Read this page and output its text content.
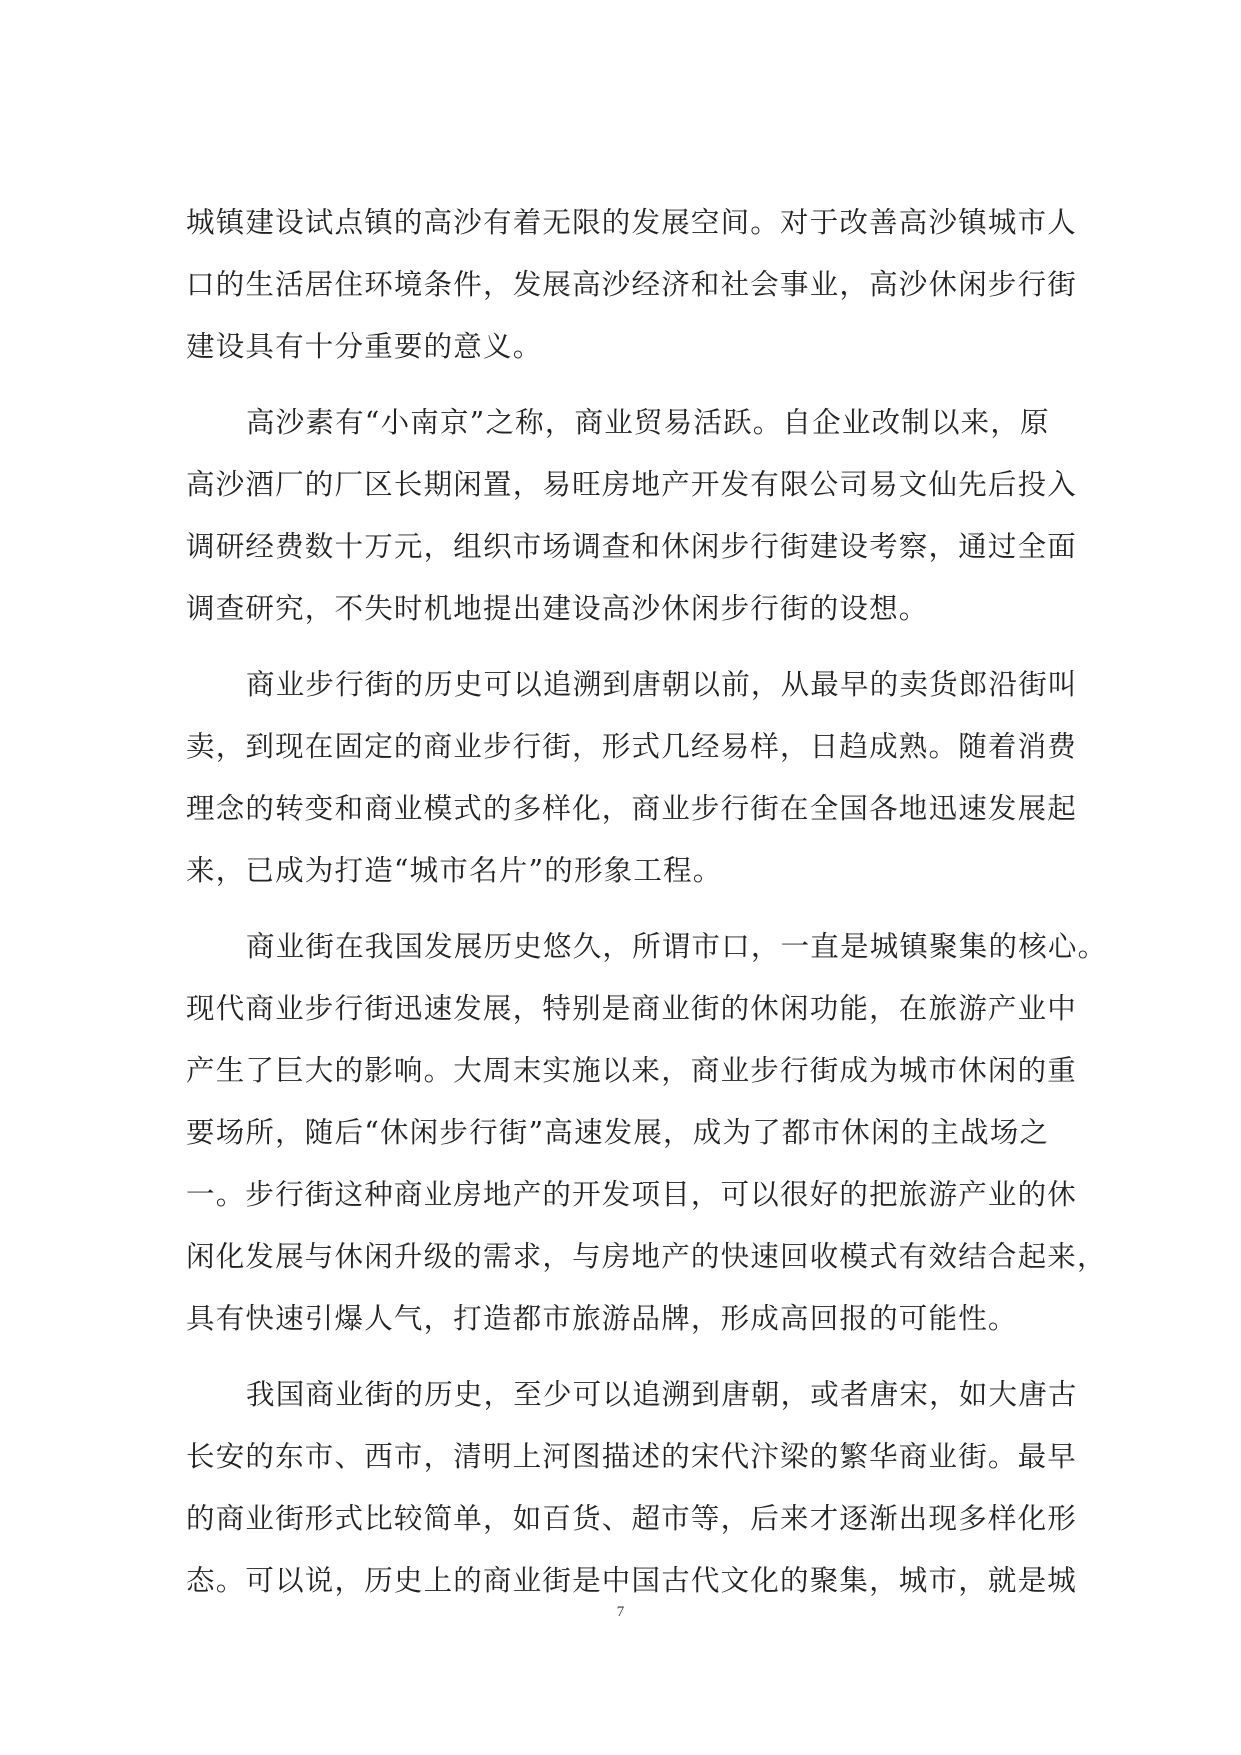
城镇建设试点镇的高沙有着无限的发展空间。对于改善高沙镇城市人
口的生活居住环境条件，发展高沙经济和社会事业，高沙休闲步行街
建设具有十分重要的意义。
高沙素有“小南京”之称，商业贸易活跃。自企业改制以来，原
高沙酒厂的厂区长期闲置，易旺房地产开发有限公司易文仙先后投入
调研经费数十万元，组织市场调查和休闲步行街建设考察，通过全面
调查研究，不失时机地提出建设高沙休闲步行街的设想。
商业步行街的历史可以追溯到唐朝以前，从最早的卖货郎沿街叫
卖，到现在固定的商业步行街，形式几经易样，日趋成熟。随着消费
理念的转变和商业模式的多样化，商业步行街在全国各地迅速发展起
来，已成为打造“城市名片”的形象工程。
商业街在我国发展历史悠久，所谓市口，一直是城镇聚集的核心。
现代商业步行街迅速发展，特别是商业街的休闲功能，在旅游产业中
产生了巨大的影响。大周末实施以来，商业步行街成为城市休闲的重
要场所，随后“休闲步行街”高速发展，成为了都市休闲的主战场之
一。步行街这种商业房地产的开发项目，可以很好的把旅游产业的休
闲化发展与休闲升级的需求，与房地产的快速回收模式有效结合起来，
具有快速引爆人气，打造都市旅游品牌，形成高回报的可能性。
我国商业街的历史，至少可以追溯到唐朝，或者唐宋，如大唐古
长安的东市、西市，清明上河图描述的宋代汴梁的繁华商业街。最早
的商业街形式比较简单，如百货、超市等，后来才逐渐出现多样化形
态。可以说，历史上的商业街是中国古代文化的聚集，城市，就是城
7
